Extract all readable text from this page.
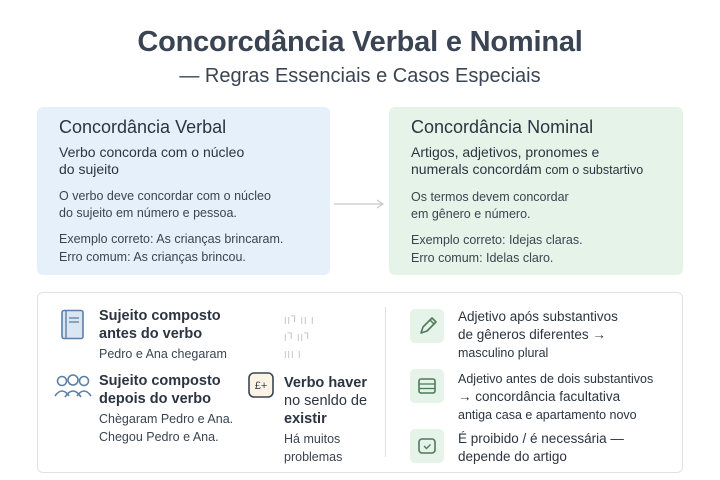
Concorcdância Verbal e Nominal
— Regras Essenciais e Casos Especiais
Concordância Verbal
Verbo concorda com o núcleo
do sujeito
O verbo deve concordar com o núcleo
do sujeito em número e pessoa.
Exemplo correto: As crianças brincaram.
Erro comum: As crianças brincou.
Concordância Nominal
Artigos, adjetivos, pronomes e
numerals concordám com o substartivo
Os termos devem concordar
em gênero e número.
Exemplo correto: Idejas claras.
Erro comum: Idelas claro.
Sujeito composto
antes do verbo
Pedro e Ana chegaram
Sujeito composto
depois do verbo
Chègaram Pedro e Ana.
Chegou Pedro e Ana.
ꞁꞁꞀ ꞁꞁ ꞁ
ꞁꞀ ꞁꞁꞀ
ꞁꞁꞁ ꞁ
£+ Verbo haver
no senldo de
existir
Há muitos
problemas
Adjetivo após substantivos
de gêneros diferentes →
masculino plural
Adjetivo antes de dois substantivos
→ concordância facultativa
antiga casa e apartamento novo
É proibido / é necessária —
depende do artigo
